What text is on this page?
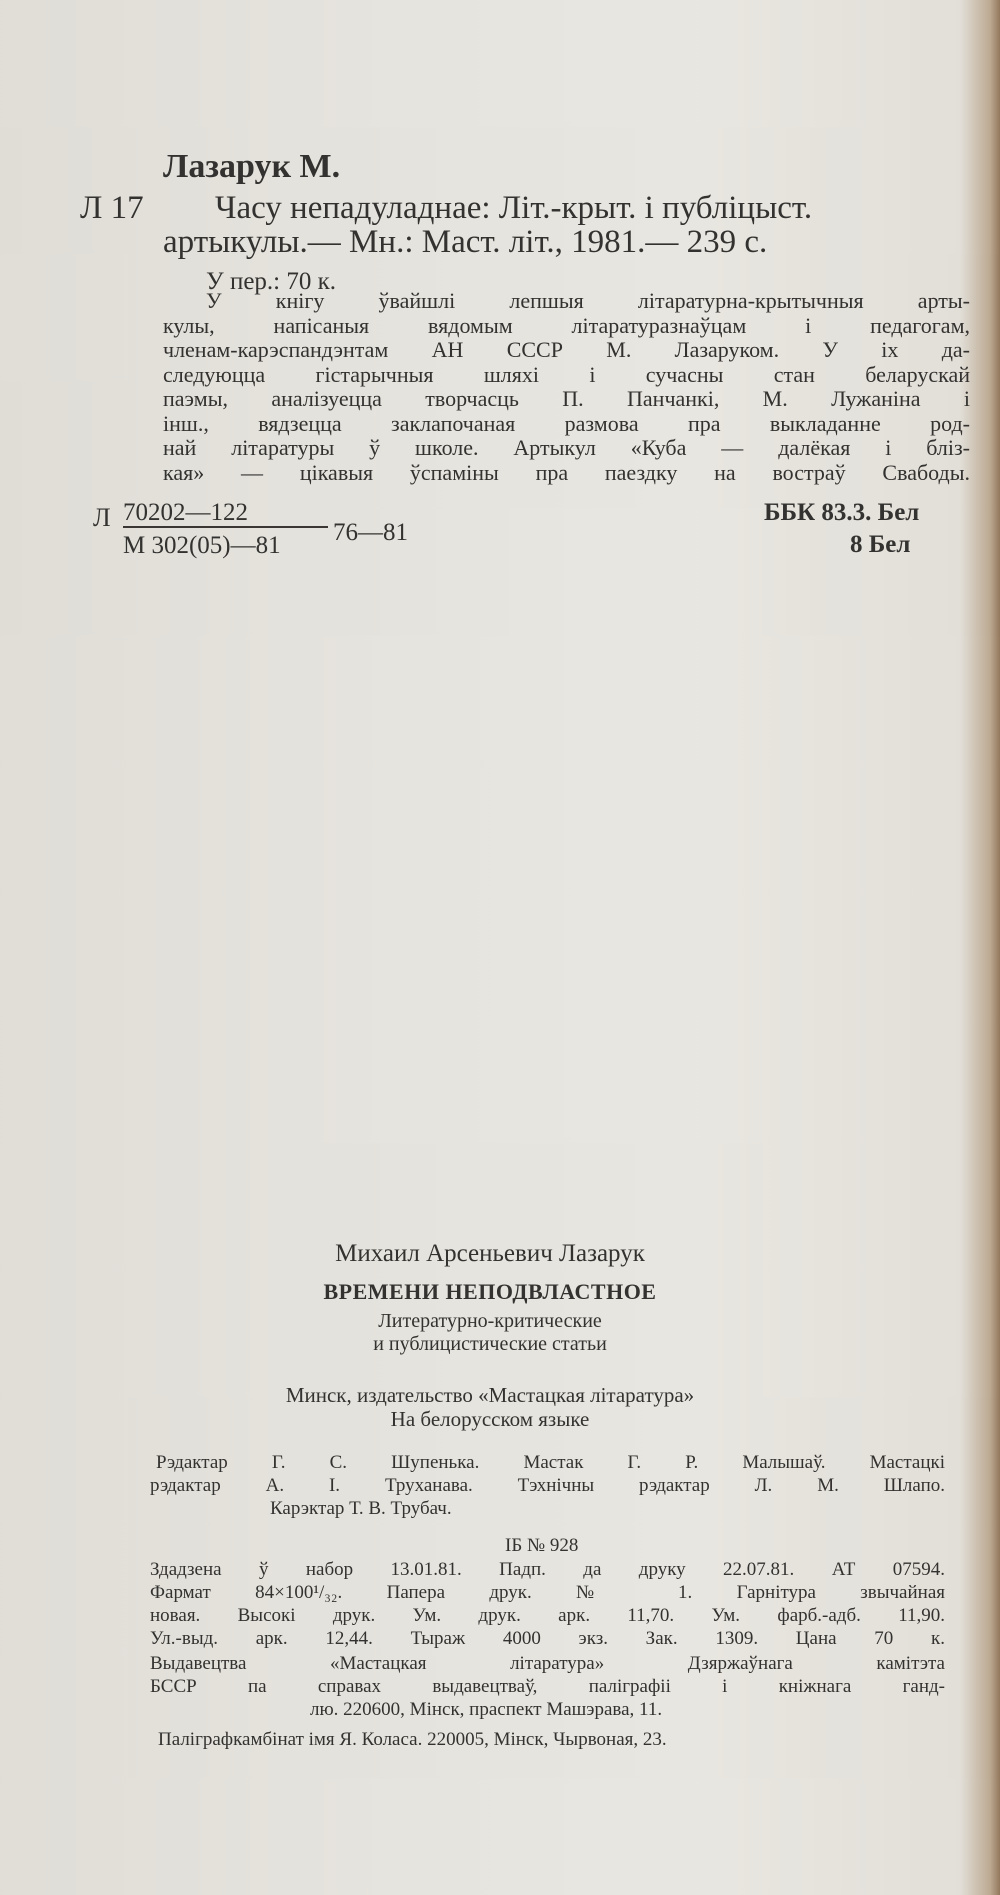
Лазарук М.
Л 17 Часу непадуладнае: Літ.-крыт. і публіцыст.
артыкулы.— Мн.: Маст. літ., 1981.— 239 с.
У пер.: 70 к.
У кнігу ўвайшлі лепшыя літаратурна-крытычныя арты-
кулы, напісаныя вядомым літаратуразнаўцам і педагогам,
членам-карэспандэнтам АН СССР М. Лазаруком. У іх да-
следуюцца гістарычныя шляхі і сучасны стан беларускай
паэмы, аналізуецца творчасць П. Панчанкі, М. Лужаніна і
інш., вядзецца заклапочаная размова пра выкладанне род-
най літаратуры ў школе. Артыкул «Куба — далёкая і бліз-
кая» — цікавыя ўспаміны пра паездку на востраў Свабоды.
Л 70202—122
М 302(05)—81 76—81
ББК 83.3. Бел
8 Бел
Михаил Арсеньевич Лазарук
ВРЕМЕНИ НЕПОДВЛАСТНОЕ
Литературно-критические
и публицистические статьи
Минск, издательство «Мастацкая літаратура»
На белорусском языке
Рэдактар Г. С. Шупенька. Мастак Г. Р. Малышаў. Мастацкі
рэдактар А. І. Труханава. Тэхнічны рэдактар Л. М. Шлапо.
Карэктар Т. В. Трубач.
ІБ № 928
Здадзена ў набор 13.01.81. Падп. да друку 22.07.81. АТ 07594.
Фармат 84×100¹/₃₂. Папера друк. № 1. Гарнітура звычайная
новая. Высокі друк. Ум. друк. арк. 11,70. Ум. фарб.-адб. 11,90.
Ул.-выд. арк. 12,44. Тыраж 4000 экз. Зак. 1309. Цана 70 к.
Выдавецтва «Мастацкая літаратура» Дзяржаўнага камітэта
БССР па справах выдавецтваў, паліграфіі і кніжнага ганд-
лю. 220600, Мінск, праспект Машэрава, 11.
Паліграфкамбінат імя Я. Коласа. 220005, Мінск, Чырвоная, 23.
